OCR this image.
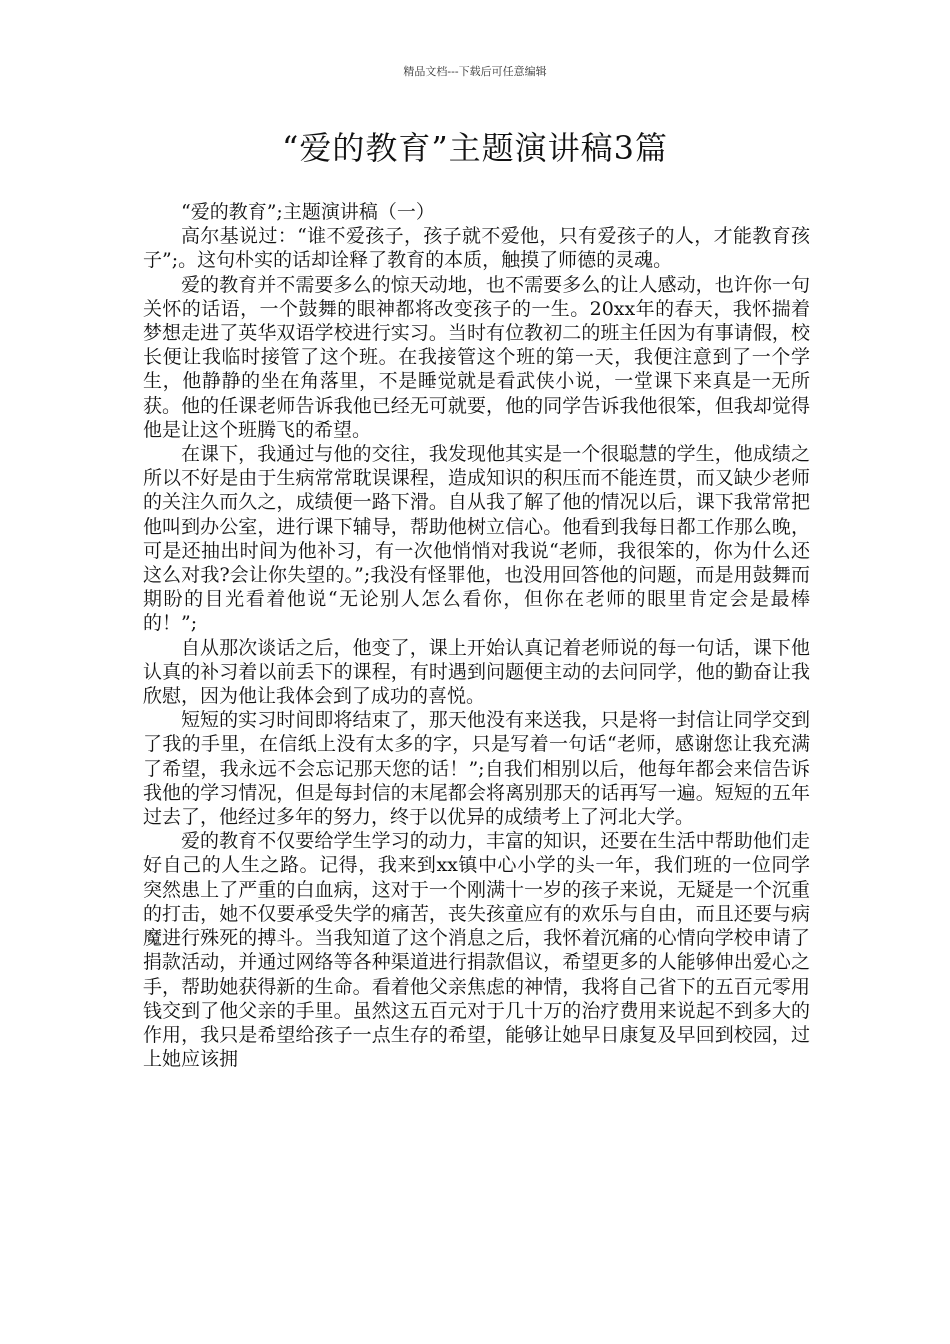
精品文档---下载后可任意编辑
“爱的教育”主题演讲稿3篇

“爱的教育”;主题演讲稿（一）

高尔基说过：“谁不爱孩子，孩子就不爱他，只有爱孩子的人，才能教育孩子”;。这句朴实的话却诠释了教育的本质，触摸了师德的灵魂。

爱的教育并不需要多么的惊天动地，也不需要多么的让人感动，也许你一句关怀的话语，一个鼓舞的眼神都将改变孩子的一生。20xx年的春天，我怀揣着梦想走进了英华双语学校进行实习。当时有位教初二的班主任因为有事请假，校长便让我临时接管了这个班。在我接管这个班的第一天，我便注意到了一个学生，他静静的坐在角落里，不是睡觉就是看武侠小说，一堂课下来真是一无所获。他的任课老师告诉我他已经无可就要，他的同学告诉我他很笨，但我却觉得他是让这个班腾飞的希望。

在课下，我通过与他的交往，我发现他其实是一个很聪慧的学生，他成绩之所以不好是由于生病常常耽误课程，造成知识的积压而不能连贯，而又缺少老师的关注久而久之，成绩便一路下滑。自从我了解了他的情况以后，课下我常常把他叫到办公室，进行课下辅导，帮助他树立信心。他看到我每日都工作那么晚，可是还抽出时间为他补习，有一次他悄悄对我说“老师，我很笨的，你为什么还这么对我?会让你失望的。”;我没有怪罪他，也没用回答他的问题，而是用鼓舞而期盼的目光看着他说“无论别人怎么看你，但你在老师的眼里肯定会是最棒的！”;

自从那次谈话之后，他变了，课上开始认真记着老师说的每一句话，课下他认真的补习着以前丢下的课程，有时遇到问题便主动的去问同学，他的勤奋让我欣慰，因为他让我体会到了成功的喜悦。

短短的实习时间即将结束了，那天他没有来送我，只是将一封信让同学交到了我的手里，在信纸上没有太多的字，只是写着一句话“老师，感谢您让我充满了希望，我永远不会忘记那天您的话！”;自我们相别以后，他每年都会来信告诉我他的学习情况，但是每封信的末尾都会将离别那天的话再写一遍。短短的五年过去了，他经过多年的努力，终于以优异的成绩考上了河北大学。

爱的教育不仅要给学生学习的动力，丰富的知识，还要在生活中帮助他们走好自己的人生之路。记得，我来到xx镇中心小学的头一年，我们班的一位同学突然患上了严重的白血病，这对于一个刚满十一岁的孩子来说，无疑是一个沉重的打击，她不仅要承受失学的痛苦，丧失孩童应有的欢乐与自由，而且还要与病魔进行殊死的搏斗。当我知道了这个消息之后，我怀着沉痛的心情向学校申请了捐款活动，并通过网络等各种渠道进行捐款倡议，希望更多的人能够伸出爱心之手，帮助她获得新的生命。看着他父亲焦虑的神情，我将自己省下的五百元零用钱交到了他父亲的手里。虽然这五百元对于几十万的治疗费用来说起不到多大的作用，我只是希望给孩子一点生存的希望，能够让她早日康复及早回到校园，过上她应该拥
